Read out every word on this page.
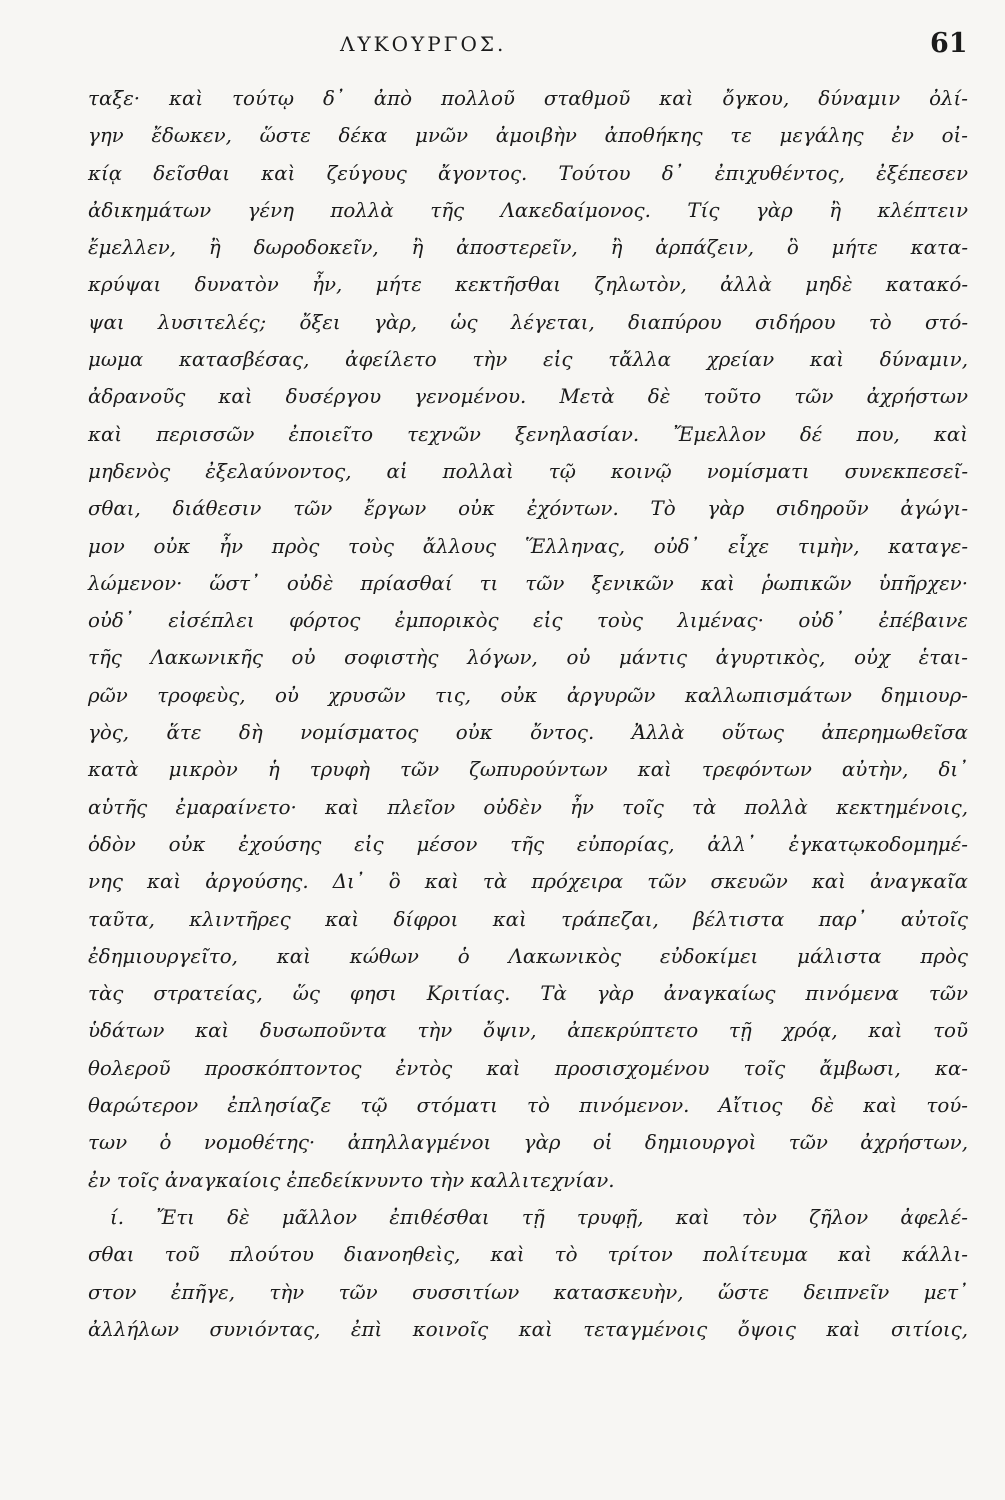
ΛΥΚΟΥΡΓΟΣ.	61
ταξε· καὶ τούτῳ δ᾽ ἀπὸ πολλοῦ σταθμοῦ καὶ ὄγκου, δύναμιν ὀλί-
γην ἔδωκεν, ὥστε δέκα μνῶν ἀμοιβὴν ἀποθήκης τε μεγάλης ἐν οἰ-
κίᾳ δεῖσθαι καὶ ζεύγους ἄγοντος. Τούτου δ᾽ ἐπιχυθέντος, ἐξέπεσεν
ἀδικημάτων γένη πολλὰ τῆς Λακεδαίμονος. Τίς γὰρ ἢ κλέπτειν
ἔμελλεν, ἢ δωροδοκεῖν, ἢ ἀποστερεῖν, ἢ ἁρπάζειν, ὃ μήτε κατα-
κρύψαι δυνατὸν ἦν, μήτε κεκτῆσθαι ζηλωτὸν, ἀλλὰ μηδὲ κατακό-
ψαι λυσιτελές; ὄξει γὰρ, ὡς λέγεται, διαπύρου σιδήρου τὸ στό-
μωμα κατασβέσας, ἀφείλετο τὴν εἰς τἄλλα χρείαν καὶ δύναμιν,
ἀδρανοῦς καὶ δυσέργου γενομένου. Μετὰ δὲ τοῦτο τῶν ἀχρήστων
καὶ περισσῶν ἐποιεῖτο τεχνῶν ξενηλασίαν. Ἔμελλον δέ που, καὶ
μηδενὸς ἐξελαύνοντος, αἱ πολλαὶ τῷ κοινῷ νομίσματι συνεκπεσεῖ-
σθαι, διάθεσιν τῶν ἔργων οὐκ ἐχόντων. Τὸ γὰρ σιδηροῦν ἀγώγι-
μον οὐκ ἦν πρὸς τοὺς ἄλλους Ἕλληνας, οὐδ᾽ εἶχε τιμὴν, καταγε-
λώμενον· ὥστ᾽ οὐδὲ πρίασθαί τι τῶν ξενικῶν καὶ ῥωπικῶν ὑπῆρχεν·
οὐδ᾽ εἰσέπλει φόρτος ἐμπορικὸς εἰς τοὺς λιμένας· οὐδ᾽ ἐπέβαινε
τῆς Λακωνικῆς οὐ σοφιστὴς λόγων, οὐ μάντις ἀγυρτικὸς, οὐχ ἑται-
ρῶν τροφεὺς, οὐ χρυσῶν τις, οὐκ ἀργυρῶν καλλωπισμάτων δημιουρ-
γὸς, ἅτε δὴ νομίσματος οὐκ ὄντος. Ἀλλὰ οὕτως ἀπερημωθεῖσα
κατὰ μικρὸν ἡ τρυφὴ τῶν ζωπυρούντων καὶ τρεφόντων αὐτὴν, δι᾽
αὑτῆς ἐμαραίνετο· καὶ πλεῖον οὐδὲν ἦν τοῖς τὰ πολλὰ κεκτημένοις,
ὁδὸν οὐκ ἐχούσης εἰς μέσον τῆς εὐπορίας, ἀλλ᾽ ἐγκατῳκοδομημέ-
νης καὶ ἀργούσης. Δι᾽ ὃ καὶ τὰ πρόχειρα τῶν σκευῶν καὶ ἀναγκαῖα
ταῦτα, κλιντῆρες καὶ δίφροι καὶ τράπεζαι, βέλτιστα παρ᾽ αὐτοῖς
ἐδημιουργεῖτο, καὶ κώθων ὁ Λακωνικὸς εὐδοκίμει μάλιστα πρὸς
τὰς στρατείας, ὥς φησι Κριτίας. Τὰ γὰρ ἀναγκαίως πινόμενα τῶν
ὑδάτων καὶ δυσωποῦντα τὴν ὄψιν, ἀπεκρύπτετο τῇ χρόᾳ, καὶ τοῦ
θολεροῦ προσκόπτοντος ἐντὸς καὶ προσισχομένου τοῖς ἄμβωσι, κα-
θαρώτερον ἐπλησίαζε τῷ στόματι τὸ πινόμενον. Αἴτιος δὲ καὶ τού-
των ὁ νομοθέτης· ἀπηλλαγμένοι γὰρ οἱ δημιουργοὶ τῶν ἀχρήστων,
ἐν τοῖς ἀναγκαίοις ἐπεδείκνυντο τὴν καλλιτεχνίαν.
ί. Ἔτι δὲ μᾶλλον ἐπιθέσθαι τῇ τρυφῇ, καὶ τὸν ζῆλον ἀφελέ-
σθαι τοῦ πλούτου διανοηθεὶς, καὶ τὸ τρίτον πολίτευμα καὶ κάλλι-
στον ἐπῆγε, τὴν τῶν συσσιτίων κατασκευὴν, ὥστε δειπνεῖν μετ᾽
ἀλλήλων συνιόντας, ἐπὶ κοινοῖς καὶ τεταγμένοις ὄψοις καὶ σιτίοις,
